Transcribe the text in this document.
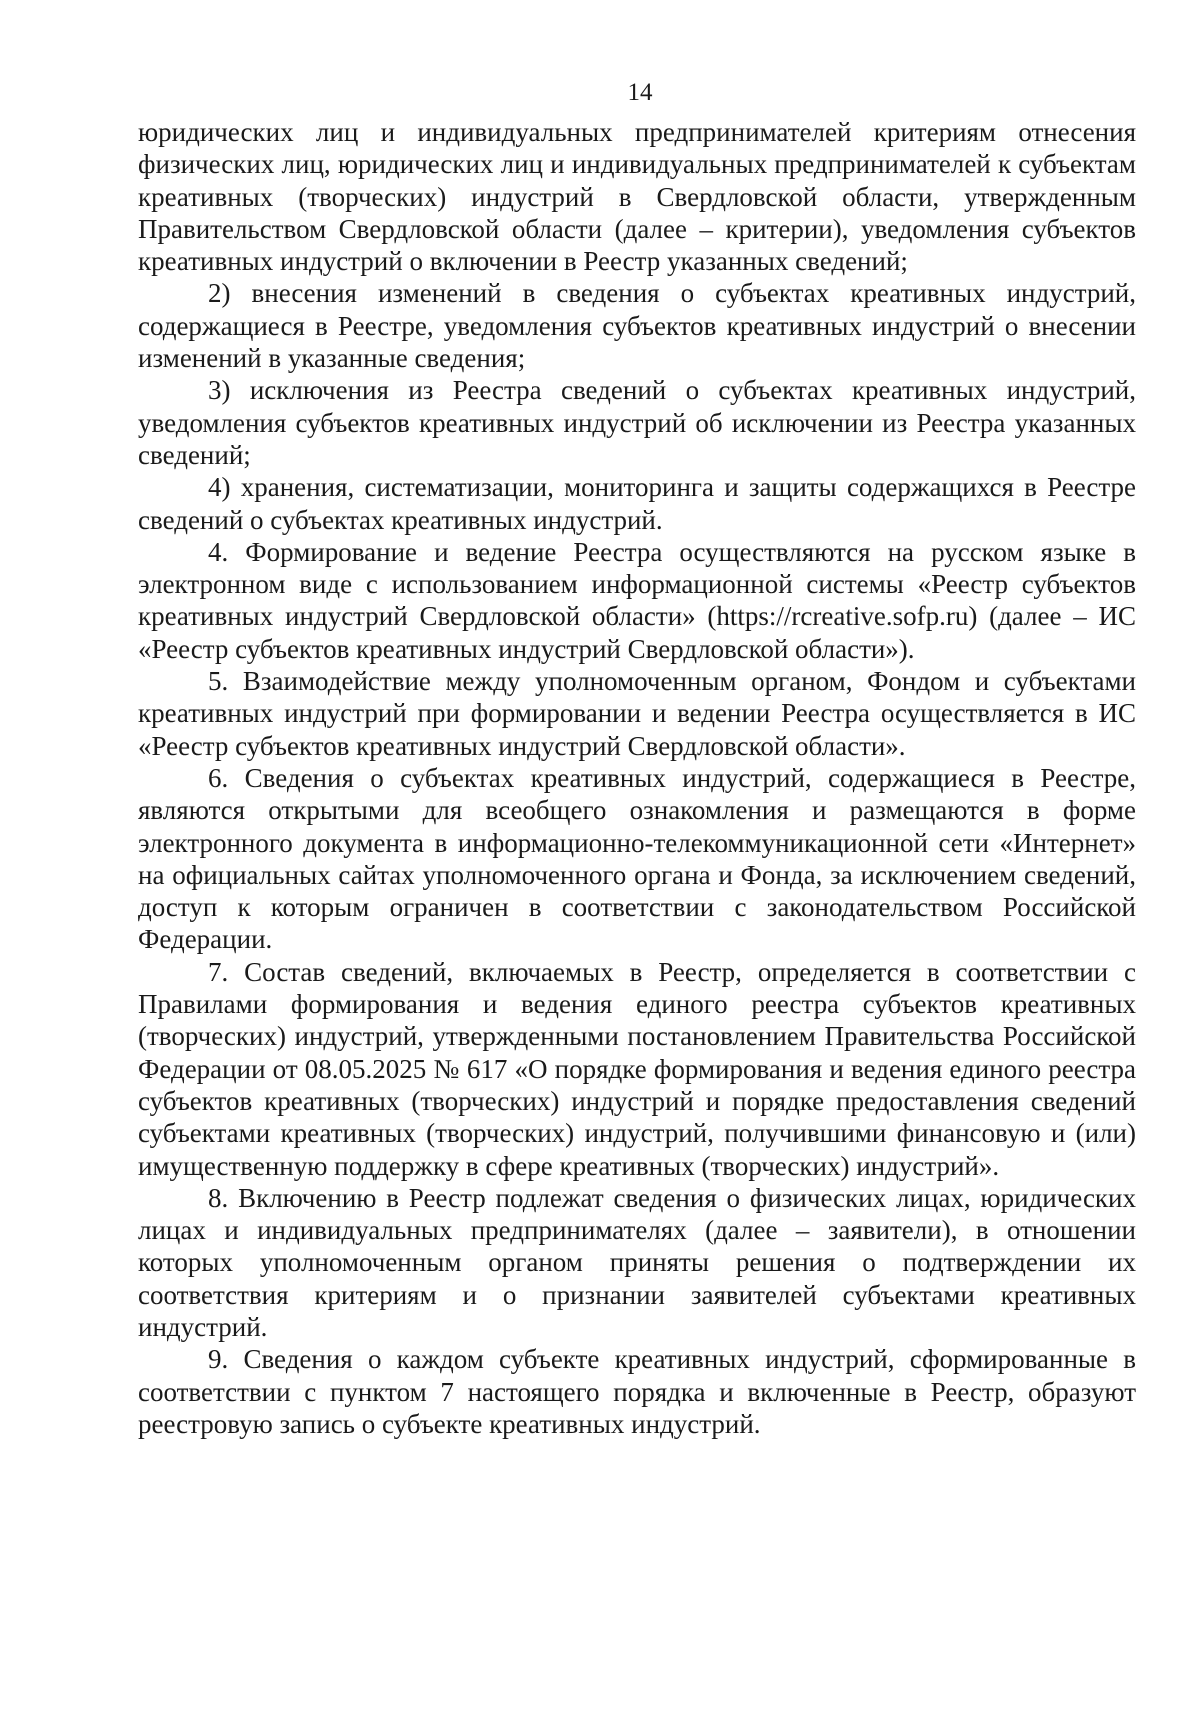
14

юридических лиц и индивидуальных предпринимателей критериям отнесения физических лиц, юридических лиц и индивидуальных предпринимателей к субъектам креативных (творческих) индустрий в Свердловской области, утвержденным Правительством Свердловской области (далее – критерии), уведомления субъектов креативных индустрий о включении в Реестр указанных сведений;

2) внесения изменений в сведения о субъектах креативных индустрий, содержащиеся в Реестре, уведомления субъектов креативных индустрий о внесении изменений в указанные сведения;

3) исключения из Реестра сведений о субъектах креативных индустрий, уведомления субъектов креативных индустрий об исключении из Реестра указанных сведений;

4) хранения, систематизации, мониторинга и защиты содержащихся в Реестре сведений о субъектах креативных индустрий.

4. Формирование и ведение Реестра осуществляются на русском языке в электронном виде с использованием информационной системы «Реестр субъектов креативных индустрий Свердловской области» (https://rcreative.sofp.ru) (далее – ИС «Реестр субъектов креативных индустрий Свердловской области»).

5. Взаимодействие между уполномоченным органом, Фондом и субъектами креативных индустрий при формировании и ведении Реестра осуществляется в ИС «Реестр субъектов креативных индустрий Свердловской области».

6. Сведения о субъектах креативных индустрий, содержащиеся в Реестре, являются открытыми для всеобщего ознакомления и размещаются в форме электронного документа в информационно-телекоммуникационной сети «Интернет» на официальных сайтах уполномоченного органа и Фонда, за исключением сведений, доступ к которым ограничен в соответствии с законодательством Российской Федерации.

7. Состав сведений, включаемых в Реестр, определяется в соответствии с Правилами формирования и ведения единого реестра субъектов креативных (творческих) индустрий, утвержденными постановлением Правительства Российской Федерации от 08.05.2025 № 617 «О порядке формирования и ведения единого реестра субъектов креативных (творческих) индустрий и порядке предоставления сведений субъектами креативных (творческих) индустрий, получившими финансовую и (или) имущественную поддержку в сфере креативных (творческих) индустрий».

8. Включению в Реестр подлежат сведения о физических лицах, юридических лицах и индивидуальных предпринимателях (далее – заявители), в отношении которых уполномоченным органом приняты решения о подтверждении их соответствия критериям и о признании заявителей субъектами креативных индустрий.

9. Сведения о каждом субъекте креативных индустрий, сформированные в соответствии с пунктом 7 настоящего порядка и включенные в Реестр, образуют реестровую запись о субъекте креативных индустрий.
